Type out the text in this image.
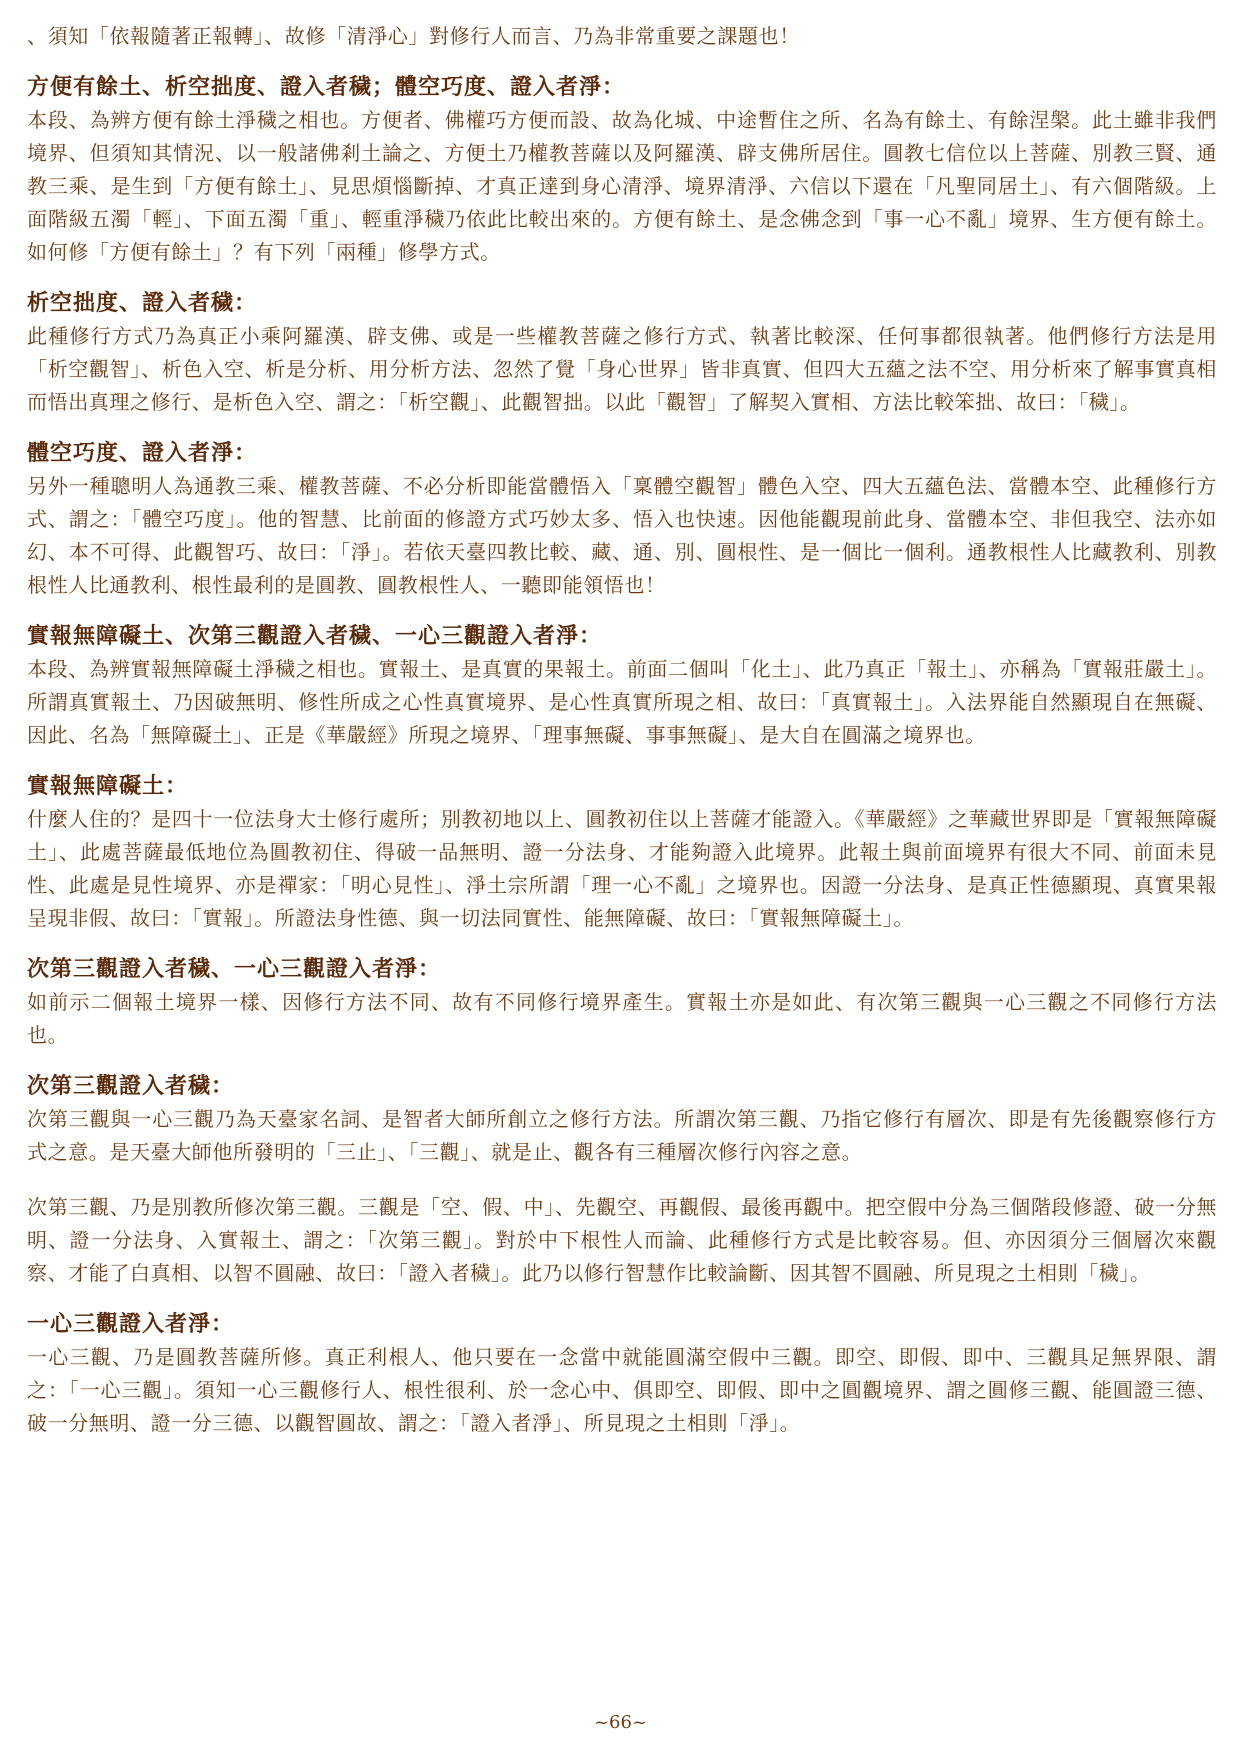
、須知「依報隨著正報轉」、故修「清淨心」對修行人而言、乃為非常重要之課題也！

方便有餘土、析空拙度、證入者穢；體空巧度、證入者淨：

本段、為辨方便有餘土淨穢之相也。方便者、佛權巧方便而設、故為化城、中途暫住之所、名為有餘土、有餘涅槃。此土雖非我們境界、但須知其情況、以一般諸佛剎土論之、方便土乃權教菩薩以及阿羅漢、辟支佛所居住。圓教七信位以上菩薩、別教三賢、通教三乘、是生到「方便有餘土」、見思煩惱斷掉、才真正達到身心清淨、境界清淨、六信以下還在「凡聖同居土」、有六個階級。上面階級五濁「輕」、下面五濁「重」、輕重淨穢乃依此比較出來的。方便有餘土、是念佛念到「事一心不亂」境界、生方便有餘土。如何修「方便有餘土」？有下列「兩種」修學方式。

析空拙度、證入者穢：

此種修行方式乃為真正小乘阿羅漢、辟支佛、或是一些權教菩薩之修行方式、執著比較深、任何事都很執著。他們修行方法是用「析空觀智」、析色入空、析是分析、用分析方法、忽然了覺「身心世界」皆非真實、但四大五蘊之法不空、用分析來了解事實真相而悟出真理之修行、是析色入空、謂之：「析空觀」、此觀智拙。以此「觀智」了解契入實相、方法比較笨拙、故曰：「穢」。

體空巧度、證入者淨：

另外一種聰明人為通教三乘、權教菩薩、不必分析即能當體悟入「稟體空觀智」體色入空、四大五蘊色法、當體本空、此種修行方式、謂之：「體空巧度」。他的智慧、比前面的修證方式巧妙太多、悟入也快速。因他能觀現前此身、當體本空、非但我空、法亦如幻、本不可得、此觀智巧、故曰：「淨」。若依天臺四教比較、藏、通、別、圓根性、是一個比一個利。通教根性人比藏教利、別教根性人比通教利、根性最利的是圓教、圓教根性人、一聽即能領悟也！

實報無障礙土、次第三觀證入者穢、一心三觀證入者淨：

本段、為辨實報無障礙土淨穢之相也。實報土、是真實的果報土。前面二個叫「化土」、此乃真正「報土」、亦稱為「實報莊嚴土」。所謂真實報土、乃因破無明、修性所成之心性真實境界、是心性真實所現之相、故曰：「真實報土」。入法界能自然顯現自在無礙、因此、名為「無障礙土」、正是《華嚴經》所現之境界、「理事無礙、事事無礙」、是大自在圓滿之境界也。

實報無障礙土：

什麼人住的？是四十一位法身大士修行處所；別教初地以上、圓教初住以上菩薩才能證入。《華嚴經》之華藏世界即是「實報無障礙土」、此處菩薩最低地位為圓教初住、得破一品無明、證一分法身、才能夠證入此境界。此報土與前面境界有很大不同、前面未見性、此處是見性境界、亦是禪家：「明心見性」、淨土宗所謂「理一心不亂」之境界也。因證一分法身、是真正性德顯現、真實果報呈現非假、故曰：「實報」。所證法身性德、與一切法同實性、能無障礙、故曰：「實報無障礙土」。

次第三觀證入者穢、一心三觀證入者淨：

如前示二個報土境界一樣、因修行方法不同、故有不同修行境界產生。實報土亦是如此、有次第三觀與一心三觀之不同修行方法也。

次第三觀證入者穢：

次第三觀與一心三觀乃為天臺家名詞、是智者大師所創立之修行方法。所謂次第三觀、乃指它修行有層次、即是有先後觀察修行方式之意。是天臺大師他所發明的「三止」、「三觀」、就是止、觀各有三種層次修行內容之意。

次第三觀、乃是別教所修次第三觀。三觀是「空、假、中」、先觀空、再觀假、最後再觀中。把空假中分為三個階段修證、破一分無明、證一分法身、入實報土、謂之：「次第三觀」。對於中下根性人而論、此種修行方式是比較容易。但、亦因須分三個層次來觀察、才能了白真相、以智不圓融、故曰：「證入者穢」。此乃以修行智慧作比較論斷、因其智不圓融、所見現之土相則「穢」。

一心三觀證入者淨：

一心三觀、乃是圓教菩薩所修。真正利根人、他只要在一念當中就能圓滿空假中三觀。即空、即假、即中、三觀具足無界限、謂之：「一心三觀」。須知一心三觀修行人、根性很利、於一念心中、俱即空、即假、即中之圓觀境界、謂之圓修三觀、能圓證三德、破一分無明、證一分三德、以觀智圓故、謂之：「證入者淨」、所見現之土相則「淨」。

~66~
